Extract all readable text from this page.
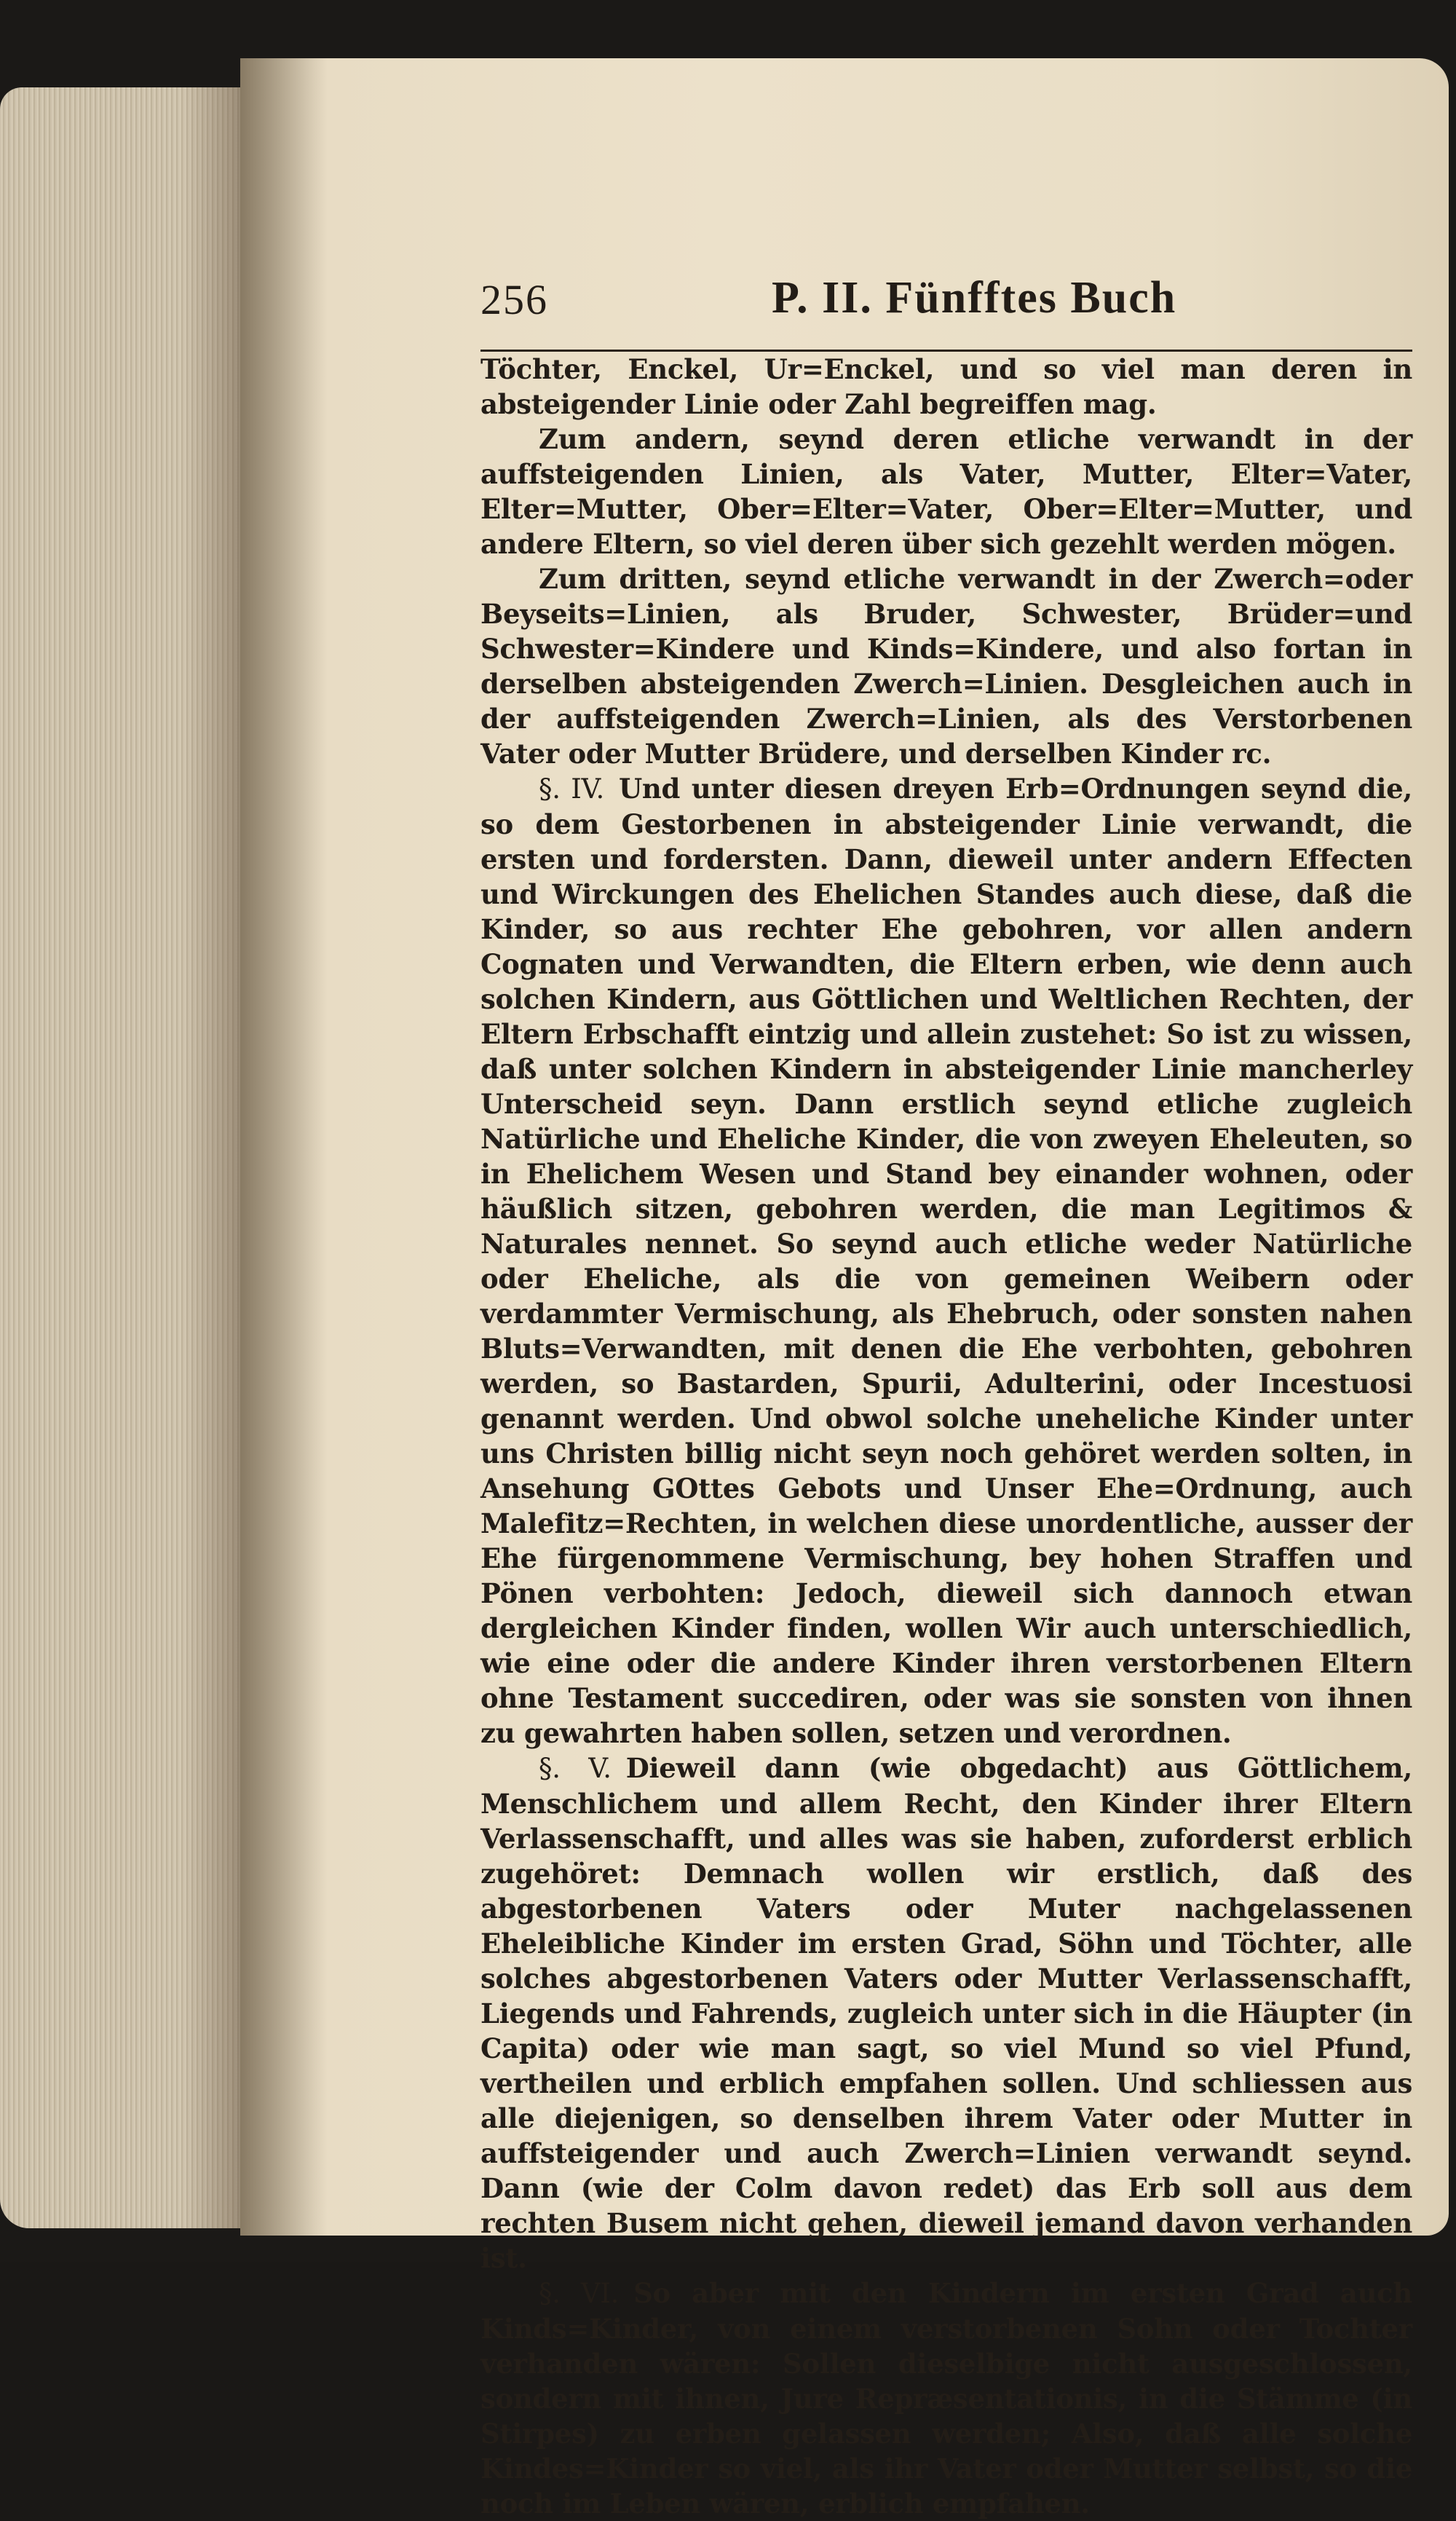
256	P. II. Fünfftes Buch

Töchter, Enckel, Ur=Enckel, und so viel man deren in absteigender Linie oder Zahl begreiffen mag.

Zum andern, seynd deren etliche verwandt in der auffsteigenden Linien, als Vater, Mutter, Elter=Vater, Elter=Mutter, Ober=Elter=Vater, Ober=Elter=Mutter, und andere Eltern, so viel deren über sich gezehlt werden mögen.

Zum dritten, seynd etliche verwandt in der Zwerch=oder Beyseits=Linien, als Bruder, Schwester, Brüder=und Schwester=Kindere und Kinds=Kindere, und also fortan in derselben absteigenden Zwerch=Linien. Desgleichen auch in der auffsteigenden Zwerch=Linien, als des Verstorbenen Vater oder Mutter Brüdere, und derselben Kinder rc.

§. IV. Und unter diesen dreyen Erb=Ordnungen seynd die, so dem Gestorbenen in absteigender Linie verwandt, die ersten und fordersten. Dann, dieweil unter andern Effecten und Wirckungen des Ehelichen Standes auch diese, daß die Kinder, so aus rechter Ehe gebohren, vor allen andern Cognaten und Verwandten, die Eltern erben, wie denn auch solchen Kindern, aus Göttlichen und Weltlichen Rechten, der Eltern Erbschafft eintzig und allein zustehet: So ist zu wissen, daß unter solchen Kindern in absteigender Linie mancherley Unterscheid seyn. Dann erstlich seynd etliche zugleich Natürliche und Eheliche Kinder, die von zweyen Eheleuten, so in Ehelichem Wesen und Stand bey einander wohnen, oder häußlich sitzen, gebohren werden, die man Legitimos & Naturales nennet. So seynd auch etliche weder Natürliche oder Eheliche, als die von gemeinen Weibern oder verdammter Vermischung, als Ehebruch, oder sonsten nahen Bluts=Verwandten, mit denen die Ehe verbohten, gebohren werden, so Bastarden, Spurii, Adulterini, oder Incestuosi genannt werden. Und obwol solche uneheliche Kinder unter uns Christen billig nicht seyn noch gehöret werden solten, in Ansehung GOttes Gebots und Unser Ehe=Ordnung, auch Malefitz=Rechten, in welchen diese unordentliche, ausser der Ehe fürgenommene Vermischung, bey hohen Straffen und Pönen verbohten: Jedoch, dieweil sich dannoch etwan dergleichen Kinder finden, wollen Wir auch unterschiedlich, wie eine oder die andere Kinder ihren verstorbenen Eltern ohne Testament succediren, oder was sie sonsten von ihnen zu gewahrten haben sollen, setzen und verordnen.

§. V. Dieweil dann (wie obgedacht) aus Göttlichem, Menschlichem und allem Recht, den Kinder ihrer Eltern Verlassenschafft, und alles was sie haben, zuforderst erblich zugehöret: Demnach wollen wir erstlich, daß des abgestorbenen Vaters oder Muter nachgelassenen Eheleibliche Kinder im ersten Grad, Söhn und Töchter, alle solches abgestorbenen Vaters oder Mutter Verlassenschafft, Liegends und Fahrends, zugleich unter sich in die Häupter (in Capita) oder wie man sagt, so viel Mund so viel Pfund, vertheilen und erblich empfahen sollen. Und schliessen aus alle diejenigen, so denselben ihrem Vater oder Mutter in auffsteigender und auch Zwerch=Linien verwandt seynd. Dann (wie der Colm davon redet) das Erb soll aus dem rechten Busem nicht gehen, dieweil jemand davon verhanden ist.

§. VI. So aber mit den Kindern im ersten Grad auch Kinds=Kinder, von einem verstorbenen Sohn oder Tochter verhanden wären: Sollen dieselbige nicht ausgeschlossen, sondern mit ihnen, Jure Repræsentationis, in die Stämme (in Stirpes) zu erben gelassen werden; Also, daß alle solche Kindes=Kinder so viel, als ihr Vater oder Mutter selbst, so die noch im Leben wären, erblich empfahen.
